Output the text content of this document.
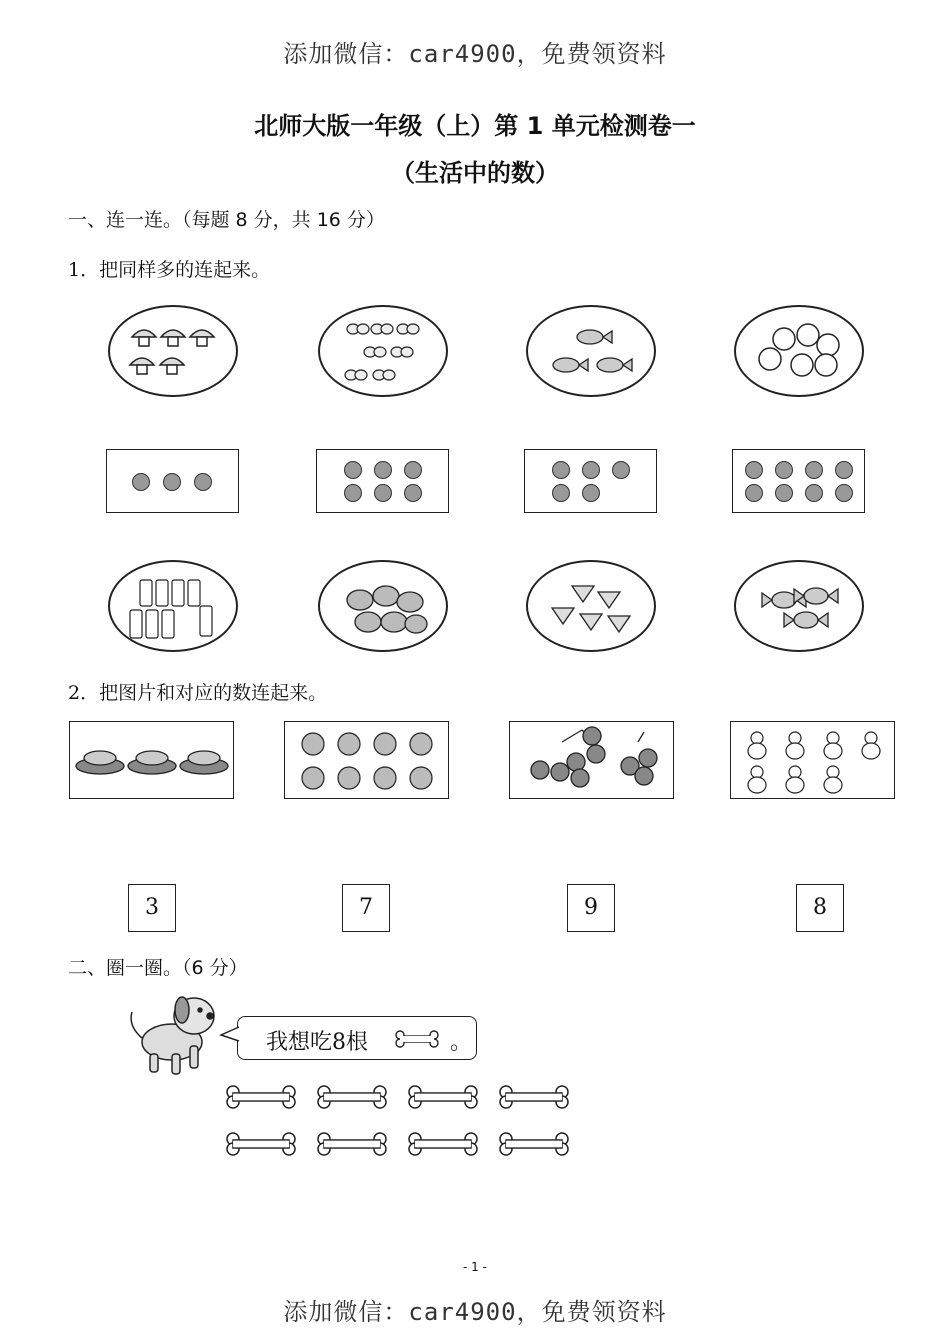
添加微信：car4900，免费领资料
北师大版一年级（上）第 1 单元检测卷一
（生活中的数）
一、连一连。（每题 8 分，共 16 分）
1．把同样多的连起来。
2．把图片和对应的数连起来。
3	7	9	8
二、圈一圈。（6 分）
我想吃8根	。
- 1 -
添加微信：car4900，免费领资料
